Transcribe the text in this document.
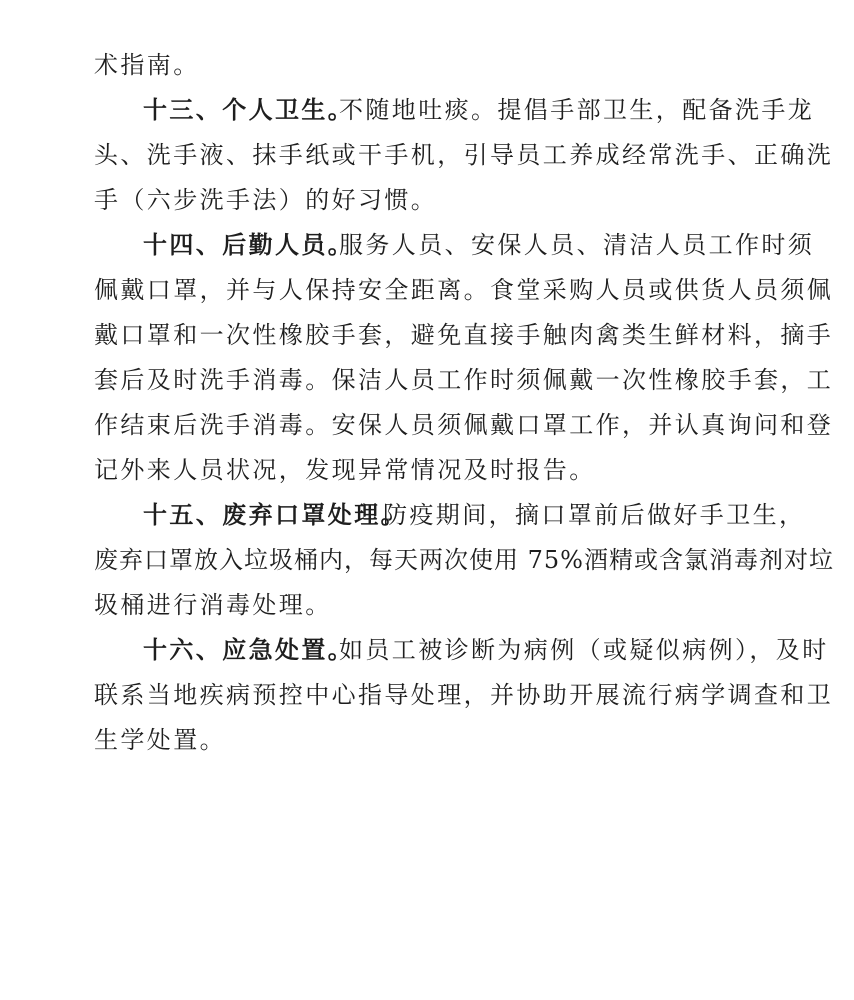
术指南。
十三、个人卫生。
不随地吐痰。提倡手部卫生，配备洗手龙
头、洗手液、抹手纸或干手机，引导员工养成经常洗手、正确洗
手（六步洗手法）的好习惯。
十四、后勤人员。
服务人员、安保人员、清洁人员工作时须
佩戴口罩，并与人保持安全距离。食堂采购人员或供货人员须佩
戴口罩和一次性橡胶手套，避免直接手触肉禽类生鲜材料，摘手
套后及时洗手消毒。保洁人员工作时须佩戴一次性橡胶手套，工
作结束后洗手消毒。安保人员须佩戴口罩工作，并认真询问和登
记外来人员状况，发现异常情况及时报告。
十五、废弃口罩处理。
防疫期间，摘口罩前后做好手卫生，
废弃口罩放入垃圾桶内，每天两次使用 75%酒精或含氯消毒剂对垃
圾桶进行消毒处理。
十六、应急处置。
如员工被诊断为病例（或疑似病例），及时
联系当地疾病预控中心指导处理，并协助开展流行病学调查和卫
生学处置。
